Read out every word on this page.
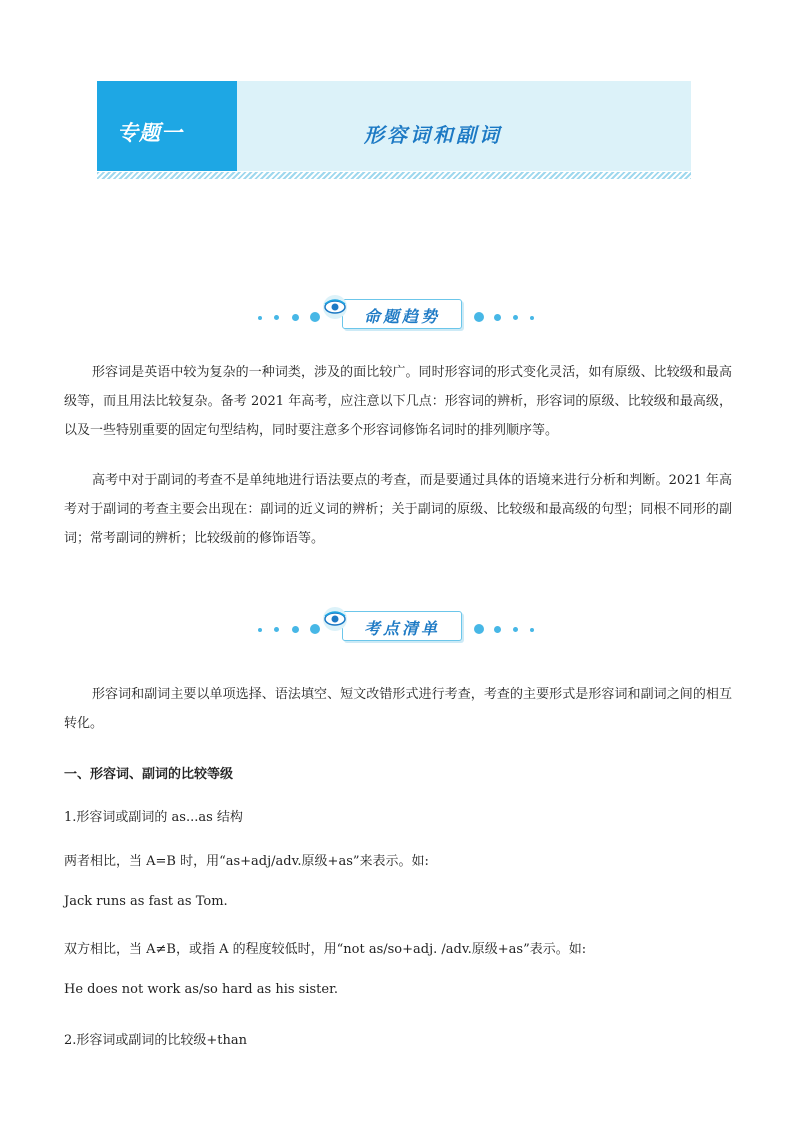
专题一	形容词和副词
命题趋势
形容词是英语中较为复杂的一种词类，涉及的面比较广。同时形容词的形式变化灵活，如有原级、比较级和最高级等，而且用法比较复杂。备考 2021 年高考，应注意以下几点：形容词的辨析，形容词的原级、比较级和最高级，以及一些特别重要的固定句型结构，同时要注意多个形容词修饰名词时的排列顺序等。
高考中对于副词的考查不是单纯地进行语法要点的考查，而是要通过具体的语境来进行分析和判断。2021 年高考对于副词的考查主要会出现在：副词的近义词的辨析；关于副词的原级、比较级和最高级的句型；同根不同形的副词；常考副词的辨析；比较级前的修饰语等。
考点清单
形容词和副词主要以单项选择、语法填空、短文改错形式进行考查，考查的主要形式是形容词和副词之间的相互转化。
一、形容词、副词的比较等级
1.形容词或副词的 as...as 结构
两者相比，当 A=B 时，用“as+adj/adv.原级+as”来表示。如:
Jack runs as fast as Tom.
双方相比，当 A≠B，或指 A 的程度较低时，用“not as/so+adj. /adv.原级+as”表示。如:
He does not work as/so hard as his sister.
2.形容词或副词的比较级+than
